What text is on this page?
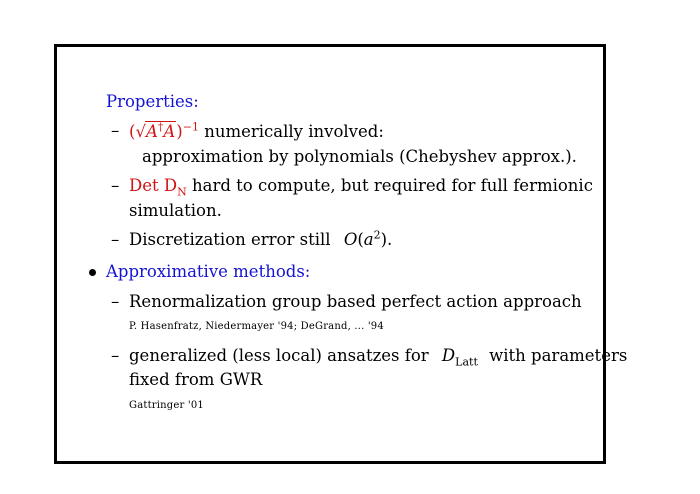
Properties:
– $(√A^\dagger A)^{-1}$ numerically involved:
approximation by polynomials (Chebyshev approx.).
– Det $D_N$ hard to compute, but required for full fermionic
simulation.
– Discretization error still $O(a^2)$.
Approximative methods:
– Renormalization group based perfect action approach
P. Hasenfratz, Niedermayer '94; DeGrand, ... '94
– generalized (less local) ansatzes for $D_{Latt}$ with parameters
fixed from GWR
Gattringer '01
